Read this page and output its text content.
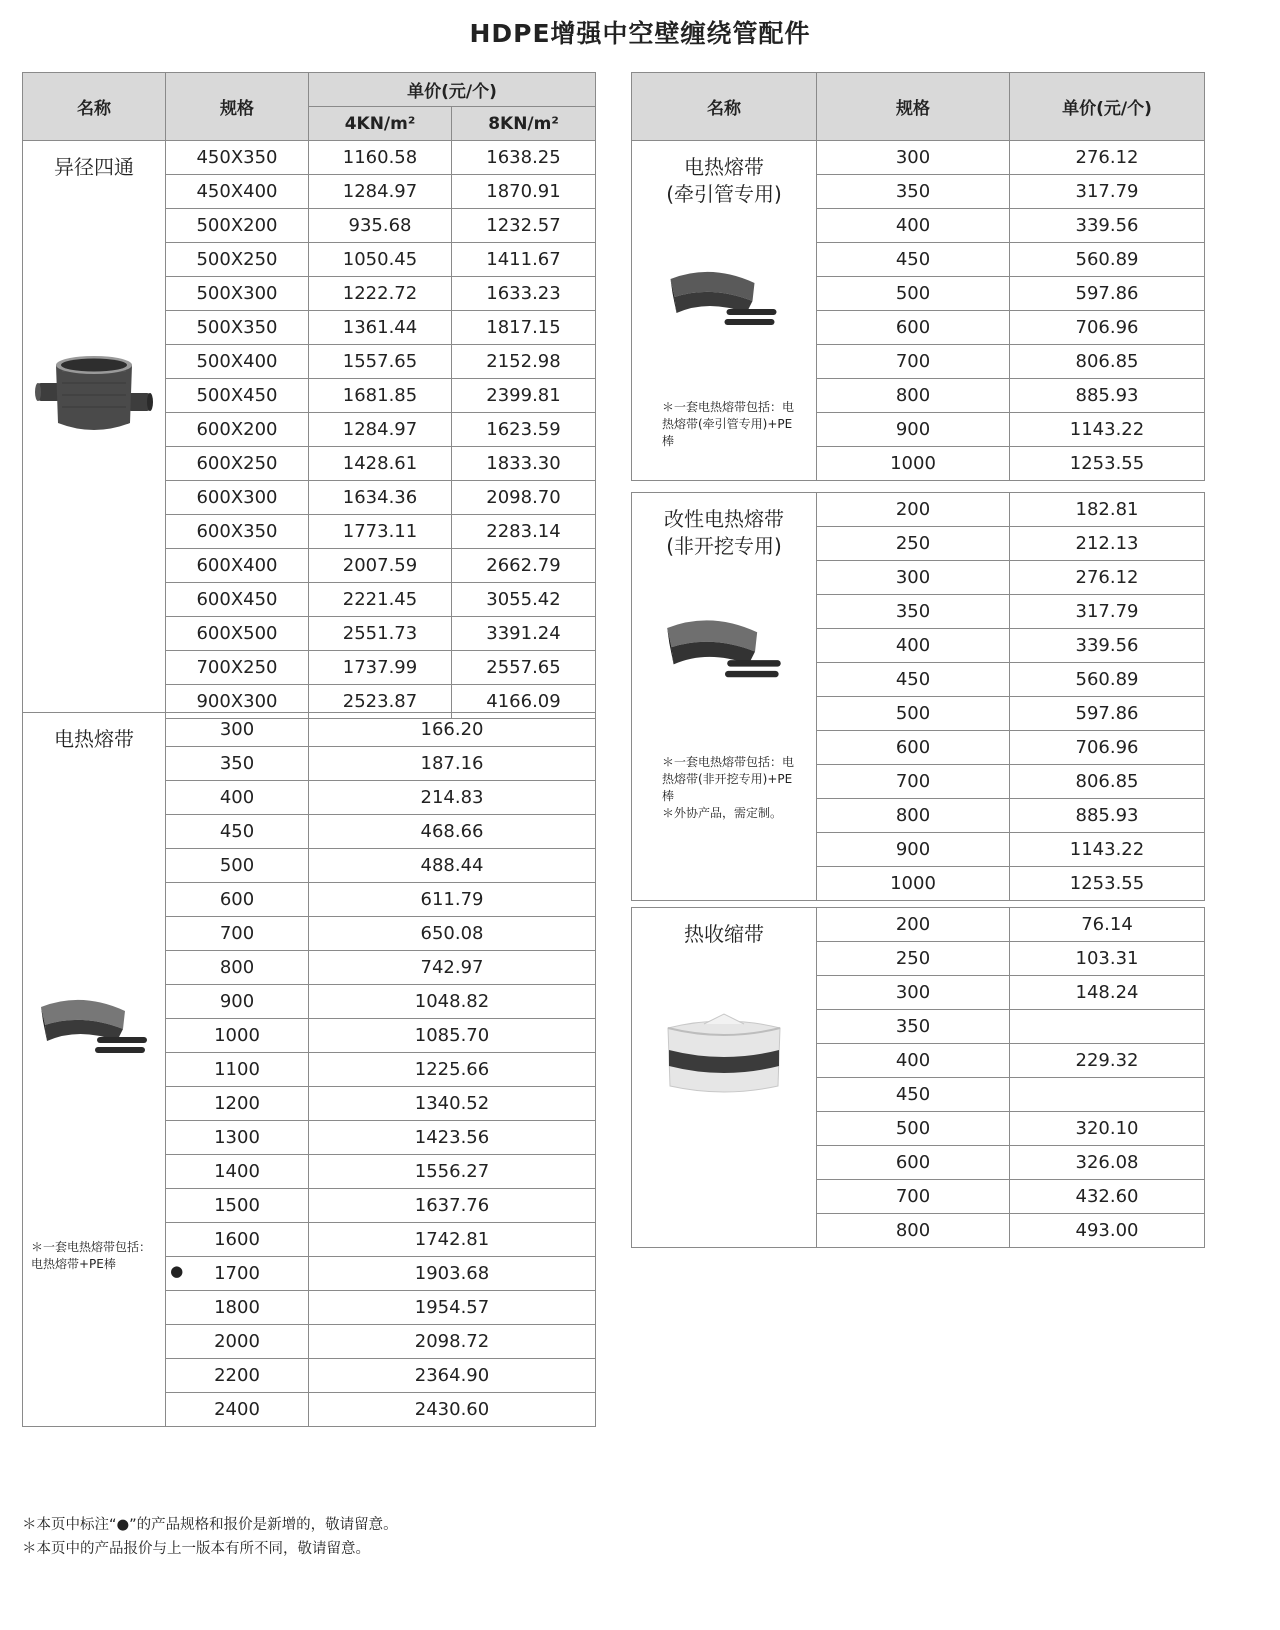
HDPE增强中空壁缠绕管配件
名称	规格	单价(元/个)	
		4KN/m²	8KN/m²

异径四通	450X350	1160.58	1638.25
	450X400	1284.97	1870.91
	500X200	935.68	1232.57
	500X250	1050.45	1411.67
	500X300	1222.72	1633.23
	500X350	1361.44	1817.15
	500X400	1557.65	2152.98
	500X450	1681.85	2399.81
	600X200	1284.97	1623.59
	600X250	1428.61	1833.30
	600X300	1634.36	2098.70
	600X350	1773.11	2283.14
	600X400	2007.59	2662.79
	600X450	2221.45	3055.42
	600X500	2551.73	3391.24
	700X250	1737.99	2557.65
	900X300	2523.87	4166.09
电热熔带
＊一套电热熔带包括：电热熔带+PE棒	300	166.20
	350	187.16
	400	214.83
	450	468.66
	500	488.44
	600	611.79
	700	650.08
	800	742.97
	900	1048.82
	1000	1085.70
	1100	1225.66
	1200	1340.52
	1300	1423.56
	1400	1556.27
	1500	1637.76
	1600	1742.81
	● 1700	1903.68
	1800	1954.57
	2000	2098.72
	2200	2364.90
	2400	2430.60
名称	规格	单价(元/个)

电热熔带
(牵引管专用)
＊一套电热熔带包括：电热熔带(牵引管专用)+PE棒	300	276.12
	350	317.79
	400	339.56
	450	560.89
	500	597.86
	600	706.96
	700	806.85
	800	885.93
	900	1143.22
	1000	1253.55
改性电热熔带
(非开挖专用)
＊一套电热熔带包括：电热熔带(非开挖专用)+PE棒
＊外协产品，需定制。	200	182.81
	250	212.13
	300	276.12
	350	317.79
	400	339.56
	450	560.89
	500	597.86
	600	706.96
	700	806.85
	800	885.93
	900	1143.22
	1000	1253.55
热收缩带	200	76.14
	250	103.31
	300	148.24
	350	
	400	229.32
	450	
	500	320.10
	600	326.08
	700	432.60
	800	493.00
＊本页中标注“●”的产品规格和报价是新增的，敬请留意。
＊本页中的产品报价与上一版本有所不同，敬请留意。
